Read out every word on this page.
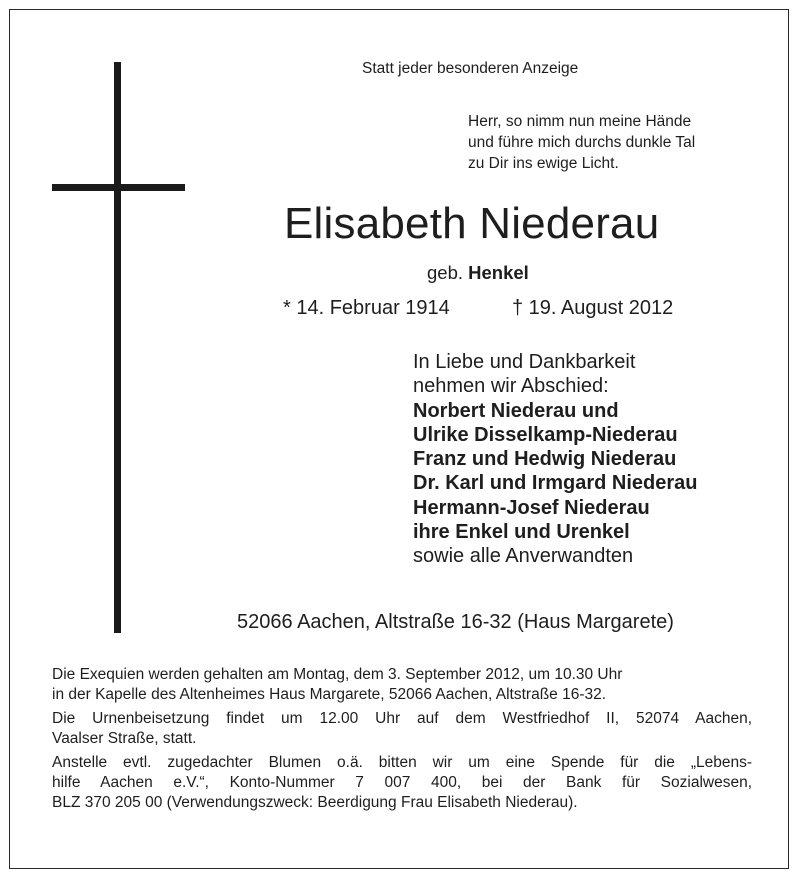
Statt jeder besonderen Anzeige
Herr, so nimm nun meine Hände
und führe mich durchs dunkle Tal
zu Dir ins ewige Licht.
Elisabeth Niederau
geb. Henkel
* 14. Februar 1914	† 19. August 2012
In Liebe und Dankbarkeit
nehmen wir Abschied:
Norbert Niederau und
Ulrike Disselkamp-Niederau
Franz und Hedwig Niederau
Dr. Karl und Irmgard Niederau
Hermann-Josef Niederau
ihre Enkel und Urenkel
sowie alle Anverwandten
52066 Aachen, Altstraße 16-32 (Haus Margarete)

Die Exequien werden gehalten am Montag, dem 3. September 2012, um 10.30 Uhr
in der Kapelle des Altenheimes Haus Margarete, 52066 Aachen, Altstraße 16-32.

Die Urnenbeisetzung findet um 12.00 Uhr auf dem Westfriedhof II, 52074 Aachen,
Vaalser Straße, statt.

Anstelle evtl. zugedachter Blumen o.ä. bitten wir um eine Spende für die „Lebens-
hilfe Aachen e.V.“, Konto-Nummer 7 007 400, bei der Bank für Sozialwesen,
BLZ 370 205 00 (Verwendungszweck: Beerdigung Frau Elisabeth Niederau).
